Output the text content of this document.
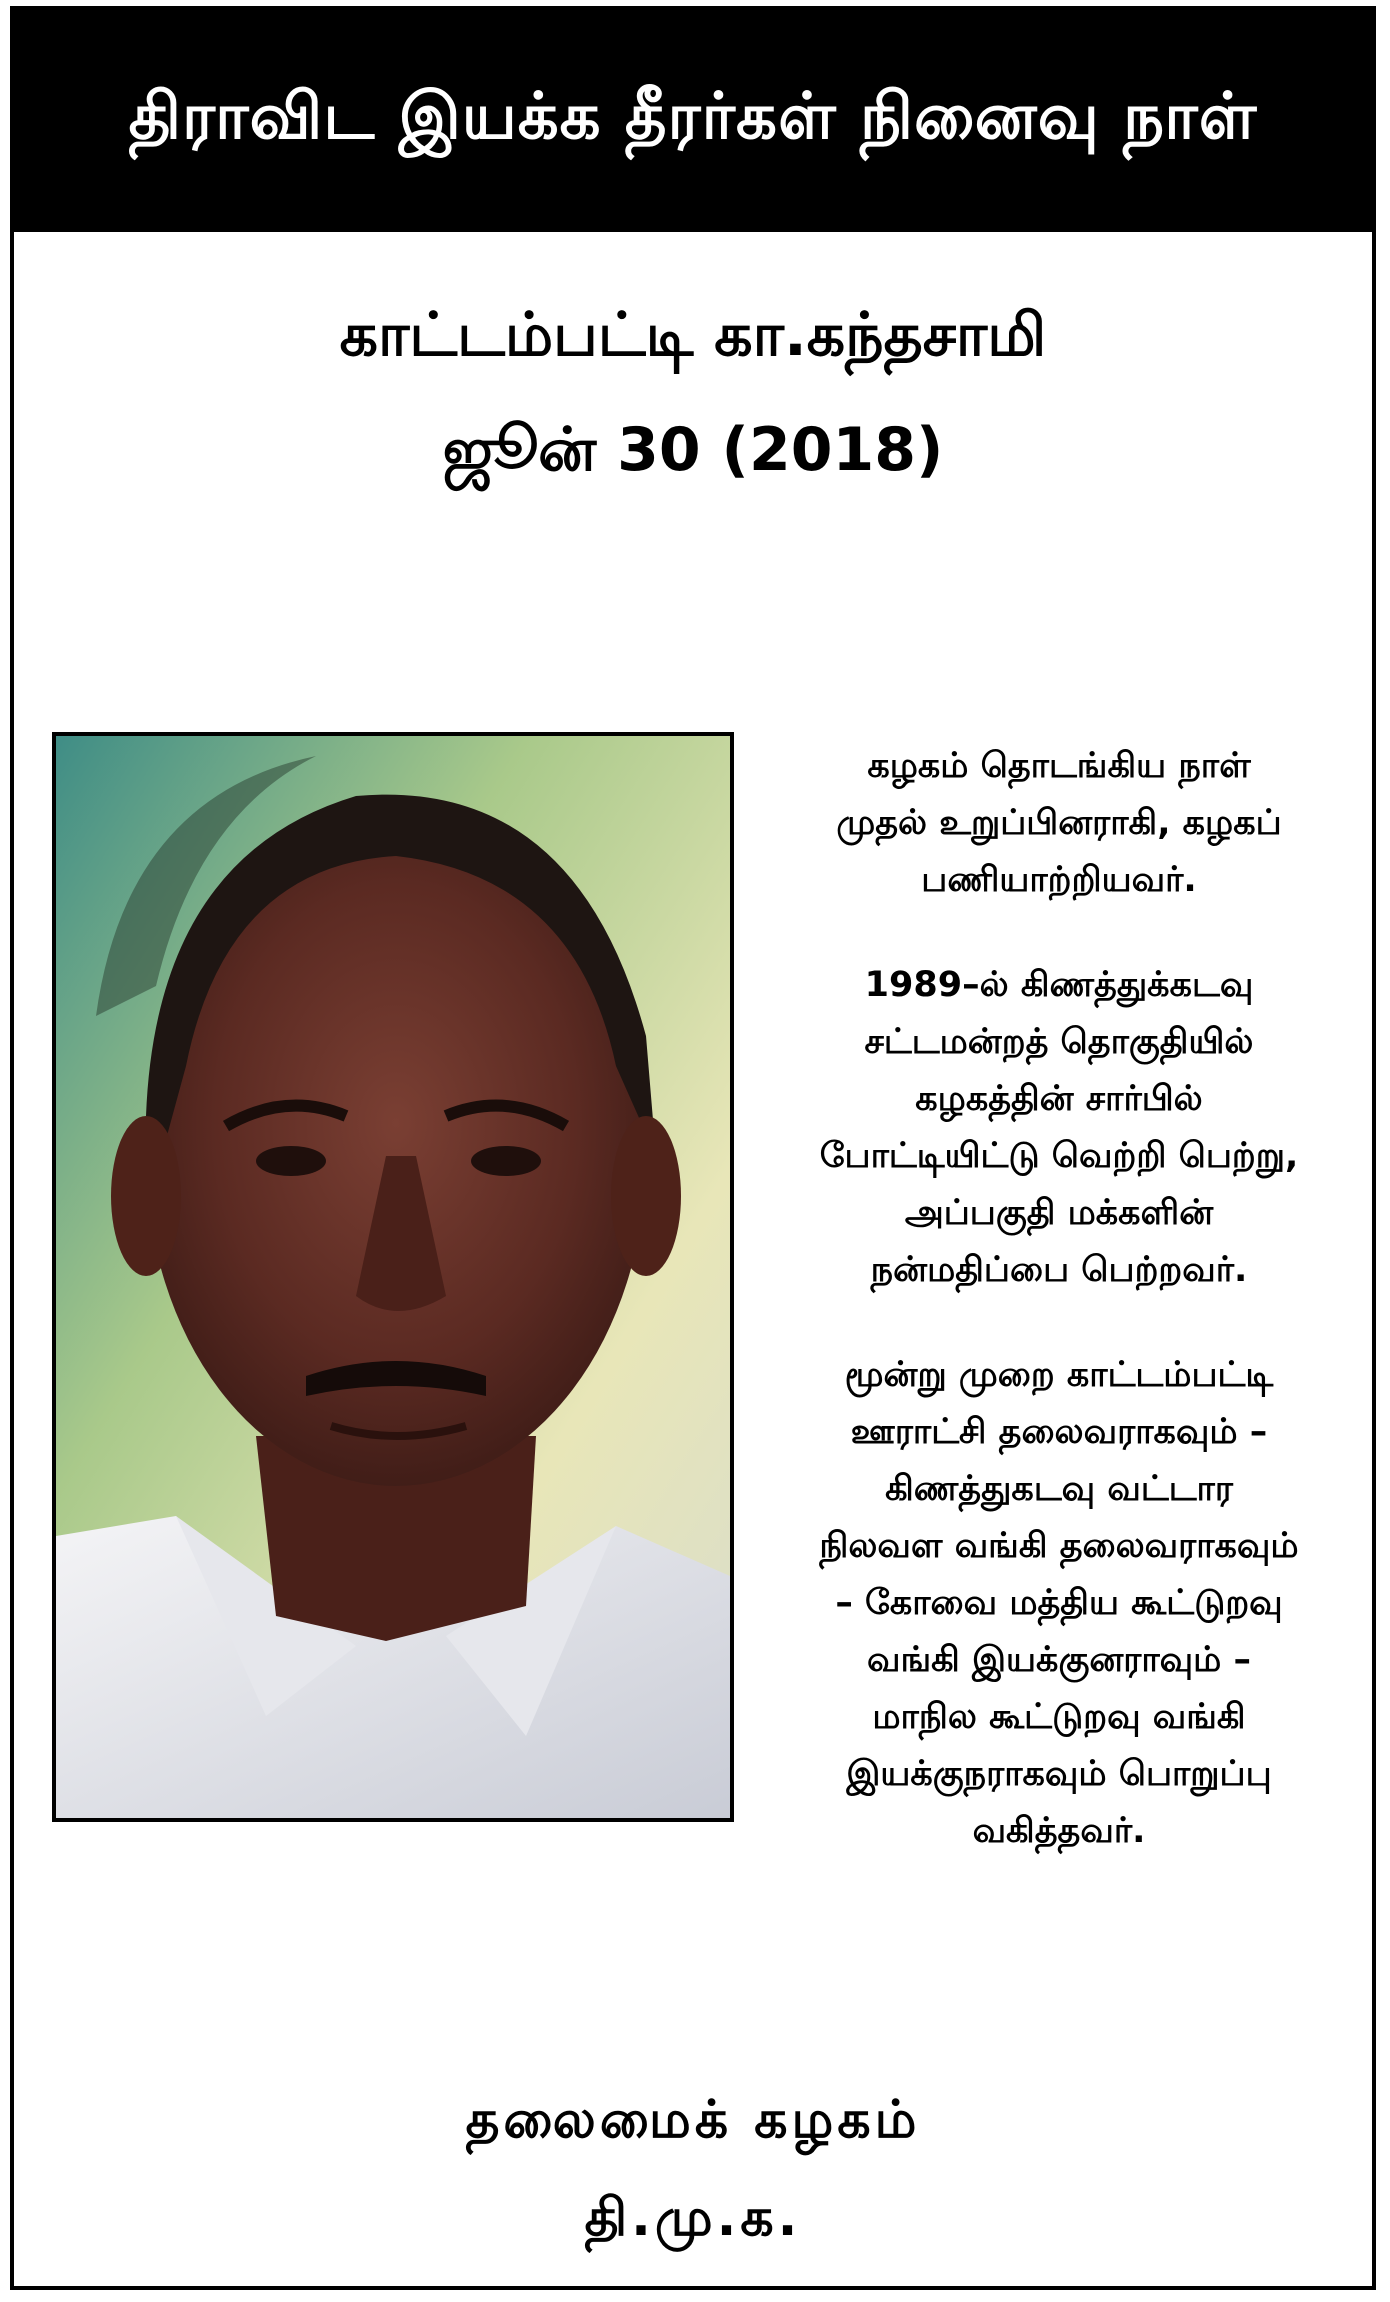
திராவிட இயக்க தீரர்கள் நினைவு நாள்
காட்டம்பட்டி கா.கந்தசாமி
ஜூன் 30 (2018)

கழகம் தொடங்கிய நாள்
முதல் உறுப்பினராகி, கழகப்
பணியாற்றியவர்.

1989–ல் கிணத்துக்கடவு
சட்டமன்றத் தொகுதியில்
கழகத்தின் சார்பில்
போட்டியிட்டு வெற்றி பெற்று,
அப்பகுதி மக்களின்
நன்மதிப்பை பெற்றவர்.

மூன்று முறை காட்டம்பட்டி
ஊராட்சி தலைவராகவும் –
கிணத்துகடவு வட்டார
நிலவள வங்கி தலைவராகவும்
– கோவை மத்திய கூட்டுறவு
வங்கி இயக்குனராவும் –
மாநில கூட்டுறவு வங்கி
இயக்குநராகவும் பொறுப்பு
வகித்தவர்.

தலைமைக் கழகம்
தி.மு.க.
